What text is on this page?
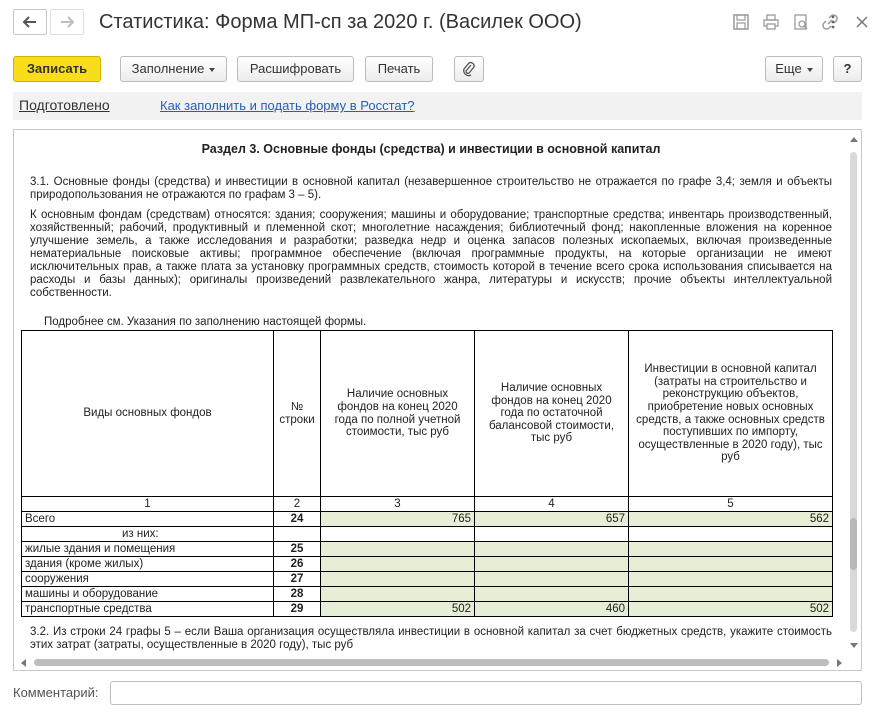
Статистика: Форма МП-сп за 2020 г. (Василек ООО)
Записать	Заполнение	Расшифровать	Печать	Еще	?
Подготовлено	Как заполнить и подать форму в Росстат?
Раздел 3. Основные фонды (средства) и инвестиции в основной капитал
3.1. Основные фонды (средства) и инвестиции в основной капитал (незавершенное строительство не отражается по графе 3,4; земля и объекты природопользования не отражаются по графам 3 – 5).
К основным фондам (средствам) относятся: здания; сооружения; машины и оборудование; транспортные средства; инвентарь производственный, хозяйственный; рабочий, продуктивный и племенной скот; многолетние насаждения; библиотечный фонд; накопленные вложения на коренное улучшение земель, а также исследования и разработки; разведка недр и оценка запасов полезных ископаемых, включая произведенные нематериальные поисковые активы; программное обеспечение (включая программные продукты, на которые организации не имеют исключительных прав, а также плата за установку программных средств, стоимость которой в течение всего срока использования списывается на расходы и базы данных); оригиналы произведений развлекательного жанра, литературы и искусств; прочие объекты интеллектуальной собственности.
Подробнее см. Указания по заполнению настоящей формы.
Виды основных фондов	№ строки	Наличие основных фондов на конец 2020 года по полной учетной стоимости, тыс руб	Наличие основных фондов на конец 2020 года по остаточной балансовой стоимости, тыс руб	Инвестиции в основной капитал (затраты на строительство и реконструкцию объектов, приобретение новых основных средств, а также основных средств поступивших по импорту, осуществленные в 2020 году), тыс руб
1	2	3	4	5
Всего	24	765	657	562
из них:				
жилые здания и помещения	25			
здания (кроме жилых)	26			
сооружения	27			
машины и оборудование	28			
транспортные средства	29	502	460	502
3.2. Из строки 24 графы 5 – если Ваша организация осуществляла инвестиции в основной капитал за счет бюджетных средств, укажите стоимость этих затрат (затраты, осуществленные в 2020 году), тыс руб
Комментарий:
